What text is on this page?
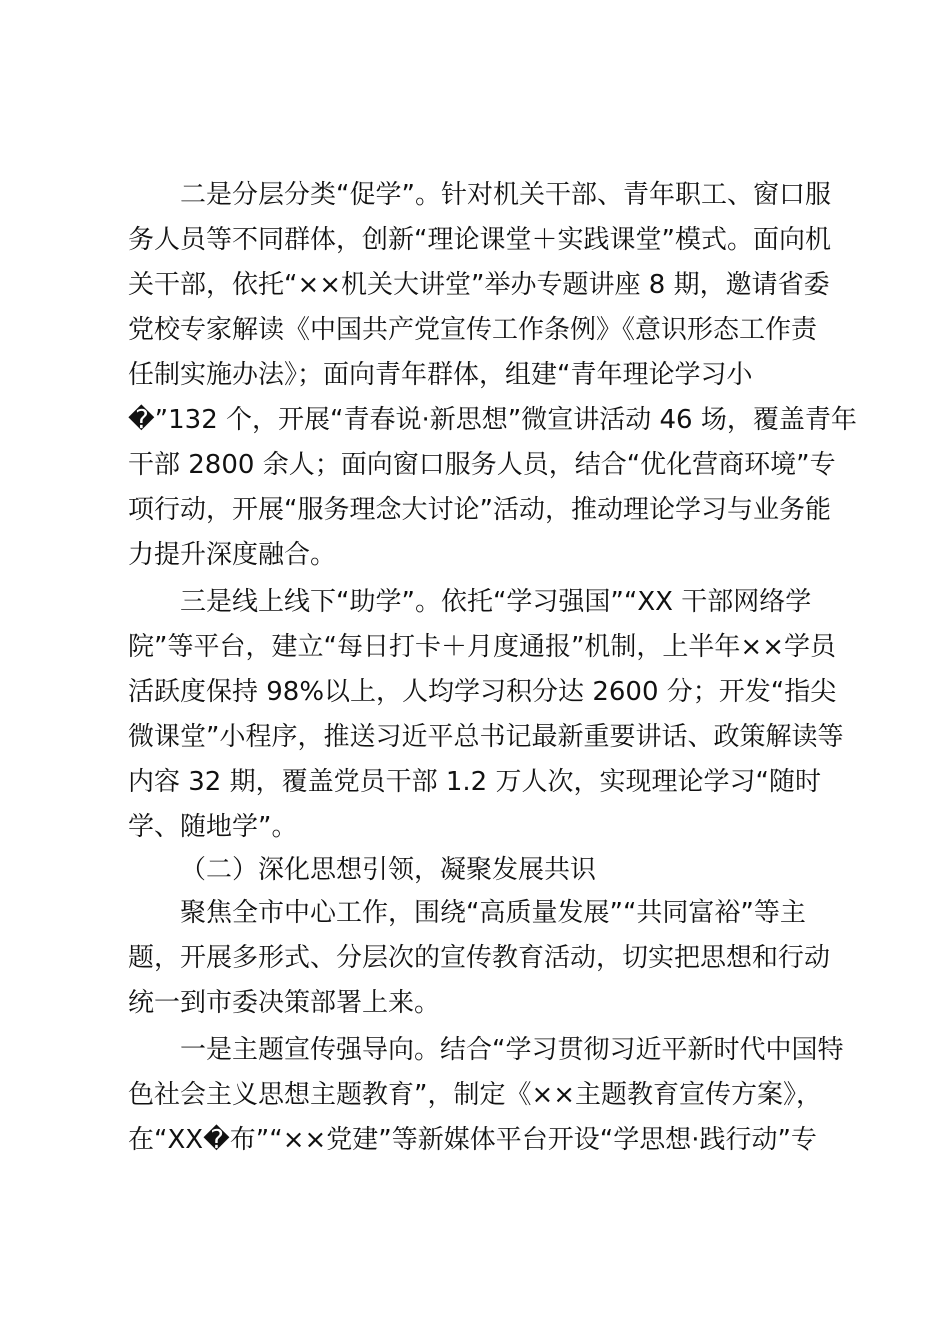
二是分层分类“促学”。针对机关干部、青年职工、窗口服
务人员等不同群体，创新“理论课堂＋实践课堂”模式。面向机
关干部，依托“××机关大讲堂”举办专题讲座 8 期，邀请省委
党校专家解读《中国共产党宣传工作条例》《意识形态工作责
任制实施办法》；面向青年群体，组建“青年理论学习小
�”132 个，开展“青春说·新思想”微宣讲活动 46 场，覆盖青年
干部 2800 余人；面向窗口服务人员，结合“优化营商环境”专
项行动，开展“服务理念大讨论”活动，推动理论学习与业务能
力提升深度融合。
三是线上线下“助学”。依托“学习强国”“XX 干部网络学
院”等平台，建立“每日打卡＋月度通报”机制，上半年××学员
活跃度保持 98%以上，人均学习积分达 2600 分；开发“指尖
微课堂”小程序，推送习近平总书记最新重要讲话、政策解读等
内容 32 期，覆盖党员干部 1.2 万人次，实现理论学习“随时
学、随地学”。
（二）深化思想引领，凝聚发展共识
聚焦全市中心工作，围绕“高质量发展”“共同富裕”等主
题，开展多形式、分层次的宣传教育活动，切实把思想和行动
统一到市委决策部署上来。
一是主题宣传强导向。结合“学习贯彻习近平新时代中国特
色社会主义思想主题教育”，制定《××主题教育宣传方案》，
在“XX�布”“××党建”等新媒体平台开设“学思想·践行动”专
